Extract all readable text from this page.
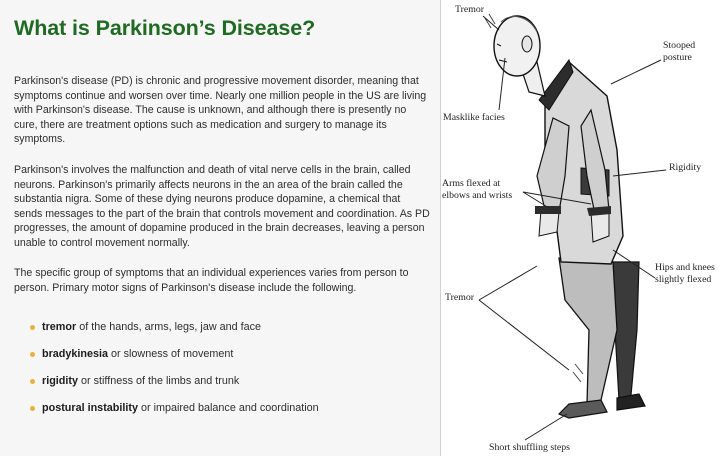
What is Parkinson’s Disease?

Parkinson's disease (PD) is chronic and progressive movement disorder, meaning that symptoms continue and worsen over time. Nearly one million people in the US are living with Parkinson's disease. The cause is unknown, and although there is presently no cure, there are treatment options such as medication and surgery to manage its symptoms.

Parkinson's involves the malfunction and death of vital nerve cells in the brain, called neurons. Parkinson's primarily affects neurons in the an area of the brain called the substantia nigra. Some of these dying neurons produce dopamine, a chemical that sends messages to the part of the brain that controls movement and coordination. As PD progresses, the amount of dopamine produced in the brain decreases, leaving a person unable to control movement normally.

The specific group of symptoms that an individual experiences varies from person to person. Primary motor signs of Parkinson's disease include the following.

tremor of the hands, arms, legs, jaw and face
bradykinesia or slowness of movement
rigidity or stiffness of the limbs and trunk
postural instability or impaired balance and coordination

Tremor

Stooped posture

Masklike facies

Rigidity

Arms flexed at elbows and wrists

Hips and knees slightly flexed

Tremor

Short shuffling steps
